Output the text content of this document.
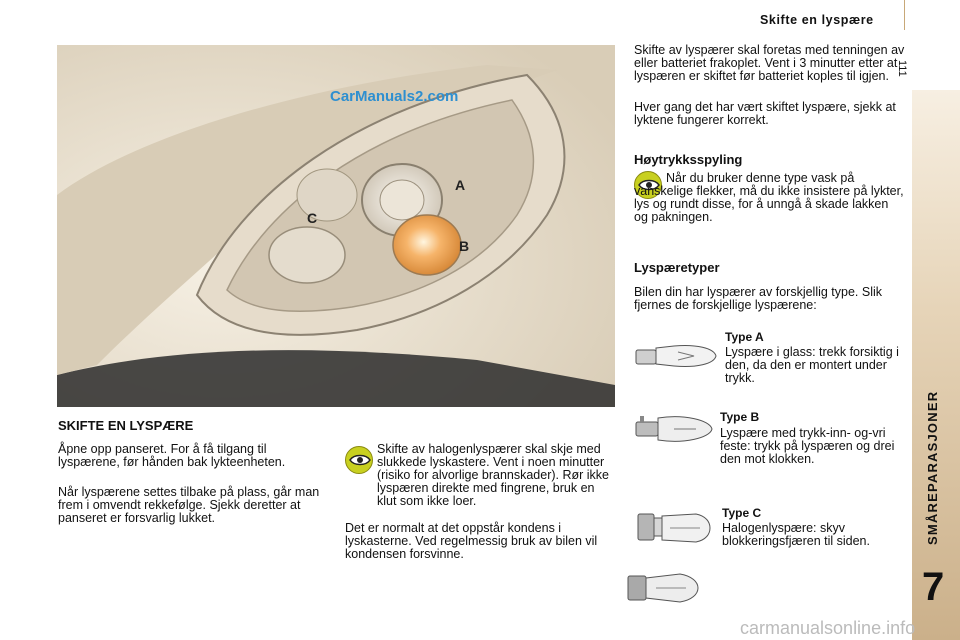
Skifte en lyspære
111
SMÅREPARASJONER
7
A
B
C
CarManuals2.com
SKIFTE EN LYSPÆRE
Åpne opp panseret. For å få tilgang til lyspærene, før hånden bak lykteenheten.
Når lyspærene settes tilbake på plass, går man frem i omvendt rekkefølge. Sjekk deretter at panseret er forsvarlig lukket.
Skifte av halogenlyspærer skal skje med slukkede lyskastere. Vent i noen minutter (risiko for alvorlige brannskader). Rør ikke lyspæren direkte med fingrene, bruk en klut som ikke loer.
Det er normalt at det oppstår kondens i lyskasterne. Ved regelmessig bruk av bilen vil kondensen forsvinne.
Skifte av lyspærer skal foretas med tenningen av eller batteriet frakoplet. Vent i 3 minutter etter at lyspæren er skiftet før batteriet koples til igjen.
Hver gang det har vært skiftet lyspære, sjekk at lyktene fungerer korrekt.
Høytrykksspyling
Når du bruker denne type vask på vanskelige flekker, må du ikke insistere på lykter, lys og rundt disse, for å unngå å skade lakken og pakningen.
Lyspæretyper
Bilen din har lyspærer av forskjellig type. Slik fjernes de forskjellige lyspærene:
Type A
Lyspære i glass: trekk forsiktig i den, da den er montert under trykk.
Type B
Lyspære med trykk-inn- og-vri feste: trykk på lyspæren og drei den mot klokken.
Type C
Halogenlyspære: skyv blokkeringsfjæren til siden.
carmanualsonline.info
